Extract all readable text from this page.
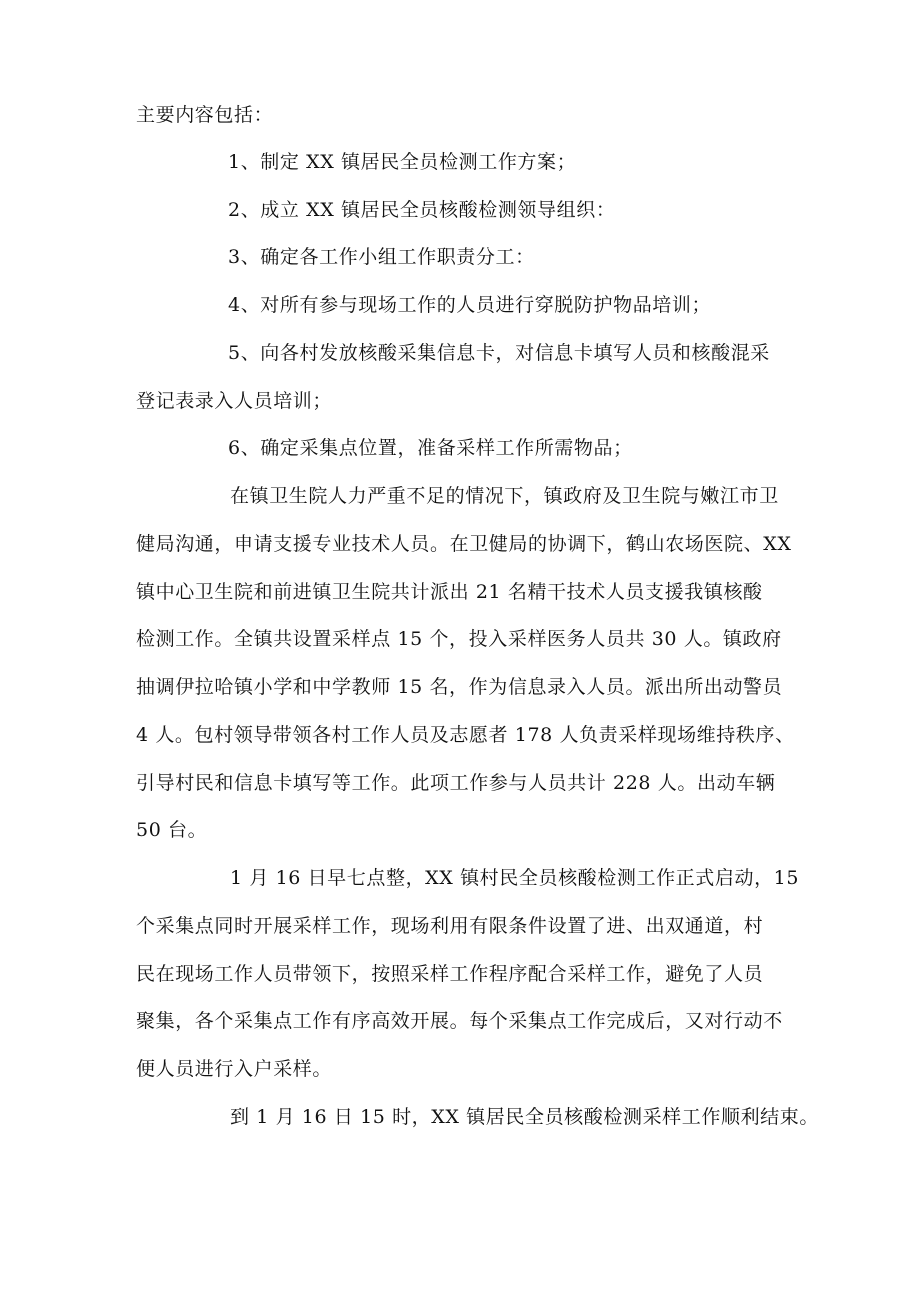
主要内容包括：
1、制定 XX 镇居民全员检测工作方案；
2、成立 XX 镇居民全员核酸检测领导组织：
3、确定各工作小组工作职责分工：
4、对所有参与现场工作的人员进行穿脱防护物品培训；
5、向各村发放核酸采集信息卡，对信息卡填写人员和核酸混采
登记表录入人员培训；
6、确定采集点位置，准备采样工作所需物品；
在镇卫生院人力严重不足的情况下，镇政府及卫生院与嫩江市卫
健局沟通，申请支援专业技术人员。在卫健局的协调下，鹤山农场医院、XX
镇中心卫生院和前进镇卫生院共计派出 21 名精干技术人员支援我镇核酸
检测工作。全镇共设置采样点 15 个，投入采样医务人员共 30 人。镇政府
抽调伊拉哈镇小学和中学教师 15 名，作为信息录入人员。派出所出动警员
4 人。包村领导带领各村工作人员及志愿者 178 人负责采样现场维持秩序、
引导村民和信息卡填写等工作。此项工作参与人员共计 228 人。出动车辆
50 台。
1 月 16 日早七点整，XX 镇村民全员核酸检测工作正式启动，15
个采集点同时开展采样工作，现场利用有限条件设置了进、出双通道，村
民在现场工作人员带领下，按照采样工作程序配合采样工作，避免了人员
聚集，各个采集点工作有序高效开展。每个采集点工作完成后，又对行动不
便人员进行入户采样。
到 1 月 16 日 15 时，XX 镇居民全员核酸检测采样工作顺利结束。
